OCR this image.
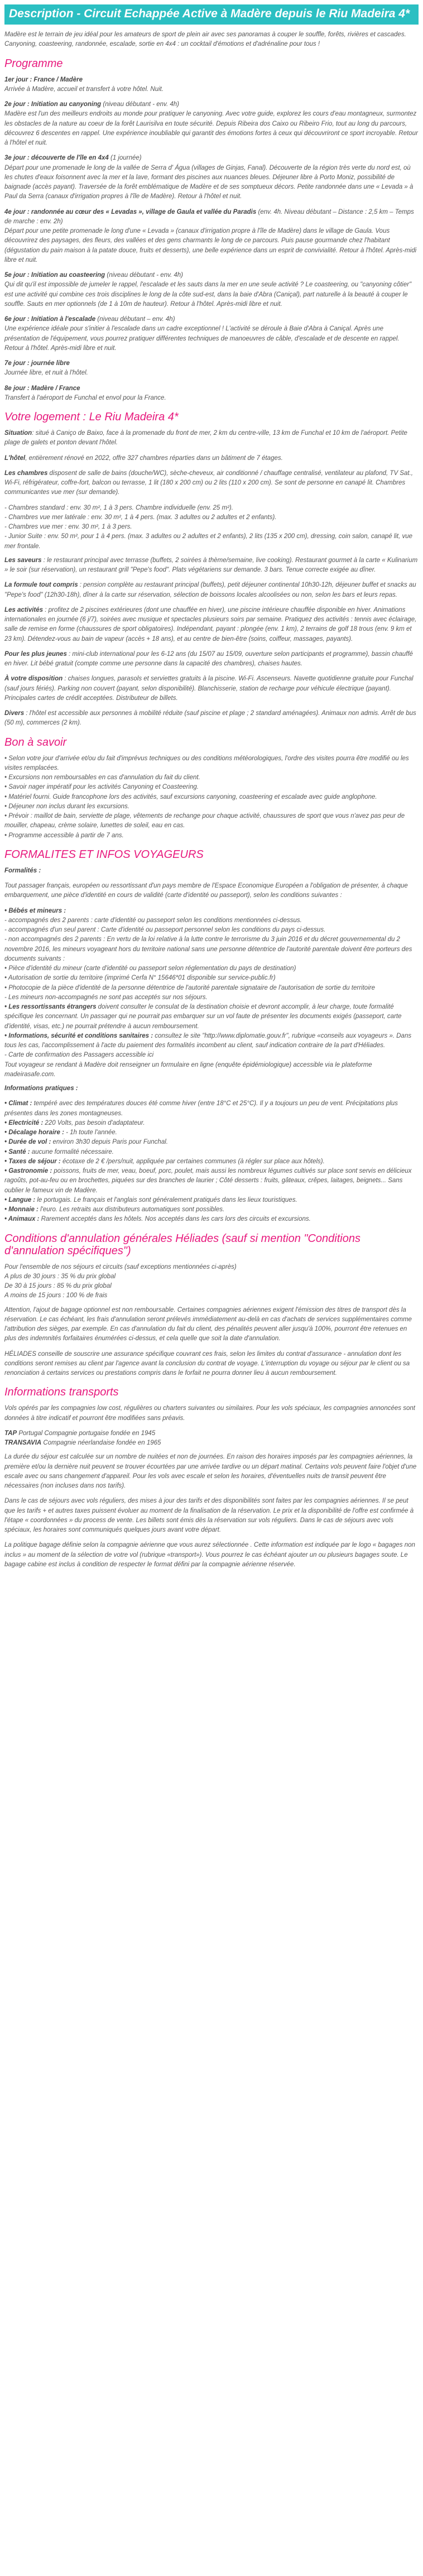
Description - Circuit Echappée Active à Madère depuis le Riu Madeira 4*

Madère est le terrain de jeu idéal pour les amateurs de sport de plein air avec ses panoramas à couper le souffle, forêts, rivières et cascades. Canyoning, coasteering, randonnée, escalade, sortie en 4x4 : un cocktail d'émotions et d'adrénaline pour tous !

Programme

1er jour : France / Madère
Arrivée à Madère, accueil et transfert à votre hôtel. Nuit.

2e jour : Initiation au canyoning (niveau débutant - env. 4h)
Madère est l'un des meilleurs endroits au monde pour pratiquer le canyoning. Avec votre guide, explorez les cours d'eau montagneux, surmontez les obstacles de la nature au coeur de la forêt Laurisilva en toute sécurité. Depuis Ribeira dos Caixo ou Ribeiro Frio, tout au long du parcours, découvrez 6 descentes en rappel. Une expérience inoubliable qui garantit des émotions fortes à ceux qui découvriront ce sport incroyable. Retour à l'hôtel et nuit.

3e jour : découverte de l'île en 4x4 (1 journée)
Départ pour une promenade le long de la vallée de Serra d' Água (villages de Ginjas, Fanal). Découverte de la région très verte du nord est, où les chutes d'eaux foisonnent avec la mer et la lave, formant des piscines aux nuances bleues. Déjeuner libre à Porto Moniz, possibilité de baignade (accès payant). Traversée de la forêt emblématique de Madère et de ses somptueux décors. Petite randonnée dans une « Levada » à Paul da Serra (canaux d'irrigation propres à l'île de Madère). Retour à l'hôtel et nuit.

4e jour : randonnée au cœur des « Levadas », village de Gaula et vallée du Paradis (env. 4h. Niveau débutant – Distance : 2,5 km – Temps de marche : env. 2h)
Départ pour une petite promenade le long d'une « Levada » (canaux d'irrigation propre à l'île de Madère) dans le village de Gaula. Vous découvrirez des paysages, des fleurs, des vallées et des gens charmants le long de ce parcours. Puis pause gourmande chez l'habitant (dégustation du pain maison à la patate douce, fruits et desserts), une belle expérience dans un esprit de convivialité. Retour à l'hôtel. Après-midi libre et nuit.

5e jour : Initiation au coasteering (niveau débutant - env. 4h)
Qui dit qu'il est impossible de jumeler le rappel, l'escalade et les sauts dans la mer en une seule activité ? Le coasteering, ou "canyoning côtier" est une activité qui combine ces trois disciplines le long de la côte sud-est, dans la baie d'Abra (Caniçal), part naturelle à la beauté à couper le souffle. Sauts en mer optionnels (de 1 à 10m de hauteur). Retour à l'hôtel. Après-midi libre et nuit.

6e jour : Initiation à l'escalade (niveau débutant – env. 4h)
Une expérience idéale pour s'initier à l'escalade dans un cadre exceptionnel ! L'activité se déroule à Baie d'Abra à Caniçal. Après une présentation de l'équipement, vous pourrez pratiquer différentes techniques de manoeuvres de câble, d'escalade et de descente en rappel. Retour à l'hôtel. Après-midi libre et nuit.

7e jour : journée libre
Journée libre, et nuit à l'hôtel.

8e jour : Madère / France
Transfert à l'aéroport de Funchal et envol pour la France.

Votre logement : Le Riu Madeira 4*

Situation: situé à Caniço de Baixo, face à la promenade du front de mer, 2 km du centre-ville, 13 km de Funchal et 10 km de l'aéroport. Petite plage de galets et ponton devant l'hôtel.

L'hôtel, entièrement rénové en 2022, offre 327 chambres réparties dans un bâtiment de 7 étages.

Les chambres disposent de salle de bains (douche/WC), sèche-cheveux, air conditionné / chauffage centralisé, ventilateur au plafond, TV Sat., Wi-Fi, réfrigérateur, coffre-fort, balcon ou terrasse, 1 lit (180 x 200 cm) ou 2 lits (110 x 200 cm). Se sont de personne en canapé lit. Chambres communicantes vue mer (sur demande).

- Chambres standard : env. 30 m², 1 à 3 pers. Chambre individuelle (env. 25 m²).

- Chambres vue mer latérale : env. 30 m², 1 à 4 pers. (max. 3 adultes ou 2 adultes et 2 enfants).

- Chambres vue mer : env. 30 m², 1 à 3 pers.

- Junior Suite : env. 50 m², pour 1 à 4 pers. (max. 3 adultes ou 2 adultes et 2 enfants), 2 lits (135 x 200 cm), dressing, coin salon, canapé lit, vue mer frontale.

Les saveurs : le restaurant principal avec terrasse (buffets, 2 soirées à thème/semaine, live cooking). Restaurant gourmet à la carte « Kulinarium » le soir (sur réservation), un restaurant grill "Pepe's food". Plats végétariens sur demande. 3 bars. Tenue correcte exigée au dîner.

La formule tout compris : pension complète au restaurant principal (buffets), petit déjeuner continental 10h30-12h, déjeuner buffet et snacks au "Pepe's food" (12h30-18h), dîner à la carte sur réservation, sélection de boissons locales alcoolisées ou non, selon les bars et leurs repas.

Les activités : profitez de 2 piscines extérieures (dont une chauffée en hiver), une piscine intérieure chauffée disponible en hiver. Animations internationales en journée (6 j/7), soirées avec musique et spectacles plusieurs soirs par semaine. Pratiquez des activités : tennis avec éclairage, salle de remise en forme (chaussures de sport obligatoires). Indépendant, payant : plongée (env. 1 km), 2 terrains de golf 18 trous (env. 9 km et 23 km). Détendez-vous au bain de vapeur (accès + 18 ans), et au centre de bien-être (soins, coiffeur, massages, payants).

Pour les plus jeunes : mini-club international pour les 6-12 ans (du 15/07 au 15/09, ouverture selon participants et programme), bassin chauffé en hiver. Lit bébé gratuit (compte comme une personne dans la capacité des chambres), chaises hautes.

À votre disposition : chaises longues, parasols et serviettes gratuits à la piscine. Wi-Fi. Ascenseurs. Navette quotidienne gratuite pour Funchal (sauf jours fériés). Parking non couvert (payant, selon disponibilité). Blanchisserie, station de recharge pour véhicule électrique (payant). Principales cartes de crédit acceptées. Distributeur de billets.

Divers : l'hôtel est accessible aux personnes à mobilité réduite (sauf piscine et plage ; 2 standard aménagées). Animaux non admis. Arrêt de bus (50 m), commerces (2 km).

Bon à savoir

• Selon votre jour d'arrivée et/ou du fait d'imprévus techniques ou des conditions météorologiques, l'ordre des visites pourra être modifié ou les visites remplacées.

• Excursions non remboursables en cas d'annulation du fait du client.

• Savoir nager impératif pour les activités Canyoning et Coasteering.

• Matériel fourni. Guide francophone lors des activités, sauf excursions canyoning, coasteering et escalade avec guide anglophone.

• Déjeuner non inclus durant les excursions.

• Prévoir : maillot de bain, serviette de plage, vêtements de rechange pour chaque activité, chaussures de sport que vous n'avez pas peur de mouiller, chapeau, crème solaire, lunettes de soleil, eau en cas.

• Programme accessible à partir de 7 ans.

FORMALITES ET INFOS VOYAGEURS

Formalités :

Tout passager français, européen ou ressortissant d'un pays membre de l'Espace Economique Européen a l'obligation de présenter, à chaque embarquement, une pièce d'identité en cours de validité (carte d'identité ou passeport), selon les conditions suivantes :

• Bébés et mineurs :

- accompagnés des 2 parents : carte d'identité ou passeport selon les conditions mentionnées ci-dessus.

- accompagnés d'un seul parent : Carte d'identité ou passeport personnel selon les conditions du pays ci-dessus.

- non accompagnés des 2 parents : En vertu de la loi relative à la lutte contre le terrorisme du 3 juin 2016 et du décret gouvernemental du 2 novembre 2016, les mineurs voyageant hors du territoire national sans une personne détentrice de l'autorité parentale doivent être porteurs des documents suivants :

• Pièce d'identité du mineur (carte d'identité ou passeport selon réglementation du pays de destination)

• Autorisation de sortie du territoire (imprimé Cerfa N° 15646*01 disponible sur service-public.fr)

• Photocopie de la pièce d'identité de la personne détentrice de l'autorité parentale signataire de l'autorisation de sortie du territoire

- Les mineurs non-accompagnés ne sont pas acceptés sur nos séjours.

• Les ressortissants étrangers doivent consulter le consulat de la destination choisie et devront accomplir, à leur charge, toute formalité spécifique les concernant. Un passager qui ne pourrait pas embarquer sur un vol faute de présenter les documents exigés (passeport, carte d'identité, visas, etc.) ne pourrait prétendre à aucun remboursement.

• Informations, sécurité et conditions sanitaires : consultez le site "http://www.diplomatie.gouv.fr", rubrique «conseils aux voyageurs ». Dans tous les cas, l'accomplissement à l'acte du paiement des formalités incombent au client, sauf indication contraire de la part d'Héliades.

- Carte de confirmation des Passagers accessible ici

Tout voyageur se rendant à Madère doit renseigner un formulaire en ligne (enquête épidémiologique) accessible via le plateforme madeirasafe.com.

Informations pratiques :

• Climat : tempéré avec des températures douces été comme hiver (entre 18°C et 25°C). Il y a toujours un peu de vent. Précipitations plus présentes dans les zones montagneuses.

• Electricité : 220 Volts, pas besoin d'adaptateur.

• Décalage horaire : - 1h toute l'année.

• Durée de vol : environ 3h30 depuis Paris pour Funchal.

• Santé : aucune formalité nécessaire.

• Taxes de séjour : écotaxe de 2 € /pers/nuit, appliquée par certaines communes (à régler sur place aux hôtels).

• Gastronomie : poissons, fruits de mer, veau, boeuf, porc, poulet, mais aussi les nombreux légumes cultivés sur place sont servis en délicieux ragoûts, pot-au-feu ou en brochettes, piquées sur des branches de laurier ; Côté desserts : fruits, gâteaux, crêpes, laitages, beignets... Sans oublier le fameux vin de Madère.

• Langue : le portugais. Le français et l'anglais sont généralement pratiqués dans les lieux touristiques.

• Monnaie : l'euro. Les retraits aux distributeurs automatiques sont possibles.

• Animaux : Rarement acceptés dans les hôtels. Nos acceptés dans les cars lors des circuits et excursions.

Conditions d'annulation générales Héliades (sauf si mention "Conditions d'annulation spécifiques")

Pour l'ensemble de nos séjours et circuits (sauf exceptions mentionnées ci-après)

A plus de 30 jours : 35 % du prix global

De 30 à 15 jours : 85 % du prix global

A moins de 15 jours : 100 % de frais

Attention, l'ajout de bagage optionnel est non remboursable. Certaines compagnies aériennes exigent l'émission des titres de transport dès la réservation. Le cas échéant, les frais d'annulation seront prélevés immédiatement au-delà en cas d'achats de services supplémentaires comme l'attribution des sièges, par exemple. En cas d'annulation du fait du client, des pénalités peuvent aller jusqu'à 100%, pourront être retenues en plus des indemnités forfaitaires énumérées ci-dessus, et cela quelle que soit la date d'annulation.

HÉLIADES conseille de souscrire une assurance spécifique couvrant ces frais, selon les limites du contrat d'assurance - annulation dont les conditions seront remises au client par l'agence avant la conclusion du contrat de voyage. L'interruption du voyage ou séjour par le client ou sa renonciation à certains services ou prestations compris dans le forfait ne pourra donner lieu à aucun remboursement.

Informations transports

Vols opérés par les compagnies low cost, régulières ou charters suivantes ou similaires. Pour les vols spéciaux, les compagnies annoncées sont données à titre indicatif et pourront être modifiées sans préavis.

TAP Portugal Compagnie portugaise fondée en 1945

TRANSAVIA Compagnie néerlandaise fondée en 1965

La durée du séjour est calculée sur un nombre de nuitées et non de journées. En raison des horaires imposés par les compagnies aériennes, la première et/ou la dernière nuit peuvent se trouver écourtées par une arrivée tardive ou un départ matinal. Certains vols peuvent faire l'objet d'une escale avec ou sans changement d'appareil. Pour les vols avec escale et selon les horaires, d'éventuelles nuits de transit peuvent être nécessaires (non incluses dans nos tarifs).

Dans le cas de séjours avec vols réguliers, des mises à jour des tarifs et des disponibilités sont faites par les compagnies aériennes. Il se peut que les tarifs + et autres taxes puissent évoluer au moment de la finalisation de la réservation. Le prix et la disponibilité de l'offre est confirmée à l'étape « coordonnées » du process de vente. Les billets sont émis dès la réservation sur vols réguliers. Dans le cas de séjours avec vols spéciaux, les horaires sont communiqués quelques jours avant votre départ.

La politique bagage définie selon la compagnie aérienne que vous aurez sélectionnée . Cette information est indiquée par le logo « bagages non inclus » au moment de la sélection de votre vol (rubrique «transport»). Vous pourrez le cas échéant ajouter un ou plusieurs bagages soute. Le bagage cabine est inclus à condition de respecter le format défini par la compagnie aérienne réservée.
